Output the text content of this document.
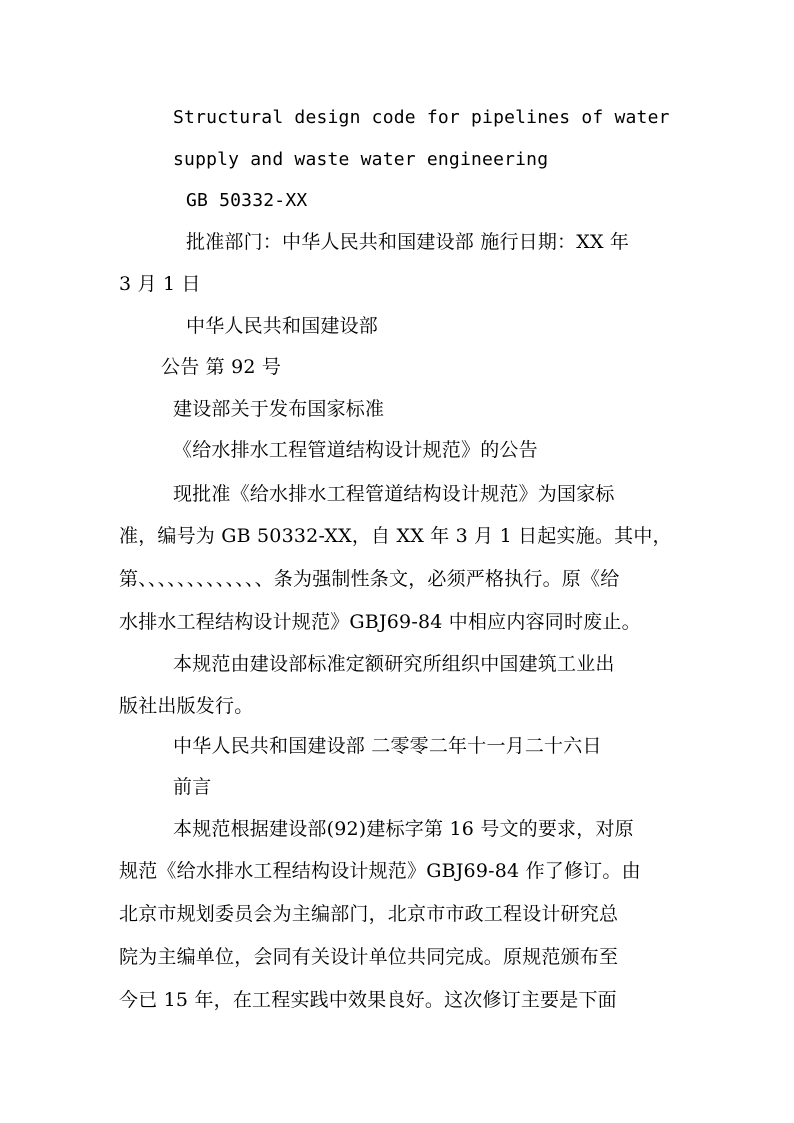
Structural design code for pipelines of water
supply and waste water engineering
GB 50332-XX
批准部门：中华人民共和国建设部 施行日期：XX 年
3 月 1 日
中华人民共和国建设部
公告 第 92 号
建设部关于发布国家标准
《给水排水工程管道结构设计规范》的公告
现批准《给水排水工程管道结构设计规范》为国家标
准，编号为 GB 50332-XX，自 XX 年 3 月 1 日起实施。其中，
第、、、、、、、、、、、、、条为强制性条文，必须严格执行。原《给
水排水工程结构设计规范》GBJ69-84 中相应内容同时废止。
本规范由建设部标准定额研究所组织中国建筑工业出
版社出版发行。
中华人民共和国建设部 二零零二年十一月二十六日
前言
本规范根据建设部(92)建标字第 16 号文的要求，对原
规范《给水排水工程结构设计规范》GBJ69-84 作了修订。由
北京市规划委员会为主编部门，北京市市政工程设计研究总
院为主编单位，会同有关设计单位共同完成。原规范颁布至
今已 15 年，在工程实践中效果良好。这次修订主要是下面
